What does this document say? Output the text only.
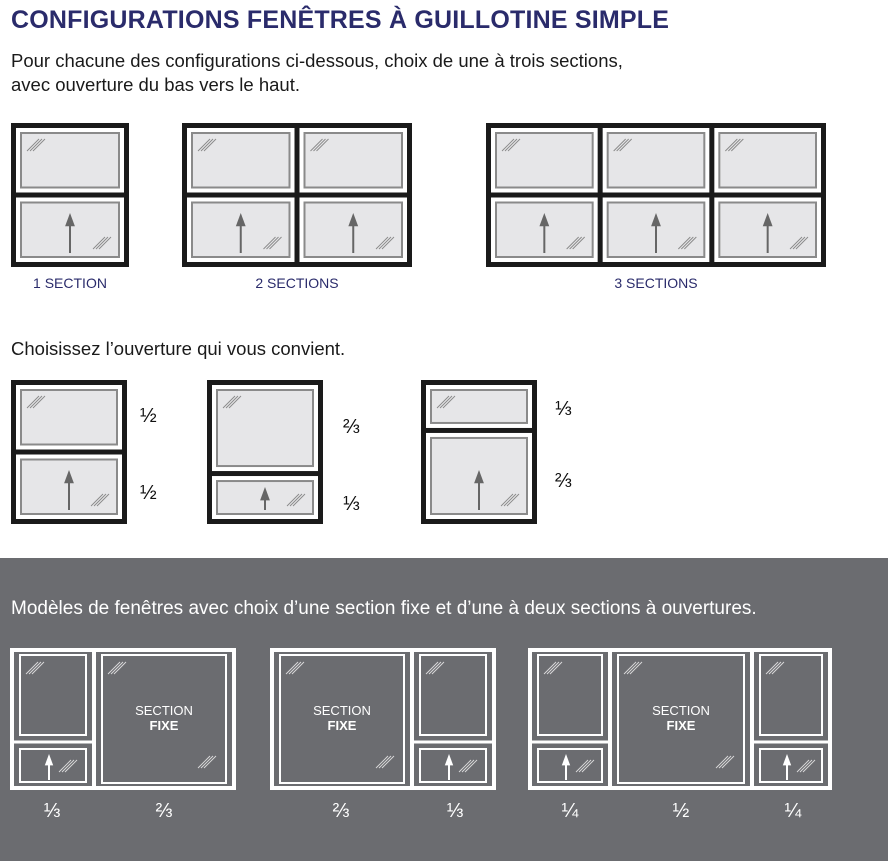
CONFIGURATIONS FENÊTRES À GUILLOTINE SIMPLE
Pour chacune des configurations ci-dessous, choix de une à trois sections,
avec ouverture du bas vers le haut.
1 SECTION	2 SECTIONS	3 SECTIONS
Choisissez l’ouverture qui vous convient.
½
½
⅔
⅓
⅓
⅔
Modèles de fenêtres avec choix d’une section fixe et d’une à deux sections à ouvertures.
SECTION
FIXE
SECTION
FIXE
SECTION
FIXE
⅓	⅔	⅔	⅓	¼	½	¼
